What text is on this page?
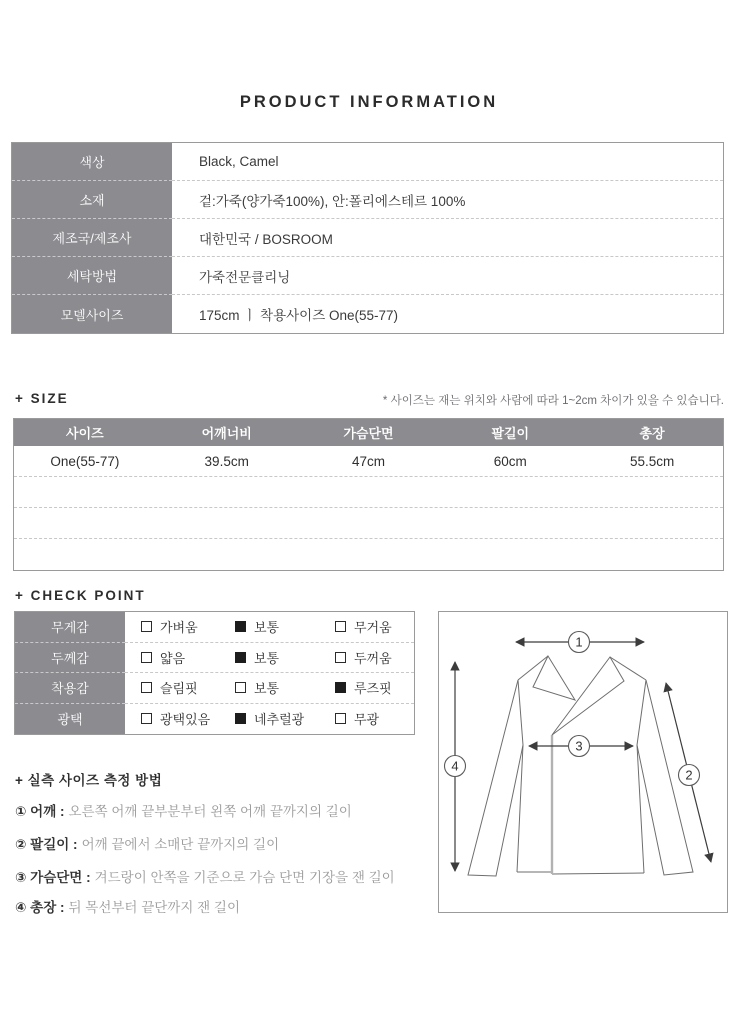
PRODUCT INFORMATION
색상	Black, Camel
소재	겉:가죽(양가죽100%), 안:폴리에스테르 100%
제조국/제조사	대한민국 / BOSROOM
세탁방법	가죽전문클리닝
모델사이즈	175cm ㅣ 착용사이즈 One(55-77)
+ SIZE	* 사이즈는 재는 위치와 사람에 따라 1~2cm 차이가 있을 수 있습니다.
사이즈	어깨너비	가슴단면	팔길이	총장
One(55-77)	39.5cm	47cm	60cm	55.5cm
+ CHECK POINT
무게감	가벼움	보통	무거움
두께감	얇음	보통	두꺼움
착용감	슬림핏	보통	루즈핏
광택	광택있음	네추럴광	무광
1
2
3
4
+ 실측 사이즈 측정 방법
① 어깨 : 오른쪽 어깨 끝부분부터 왼쪽 어깨 끝까지의 길이
② 팔길이 : 어깨 끝에서 소매단 끝까지의 길이
③ 가슴단면 : 겨드랑이 안쪽을 기준으로 가슴 단면 기장을 잰 길이
④ 총장 : 뒤 목선부터 끝단까지 잰 길이
